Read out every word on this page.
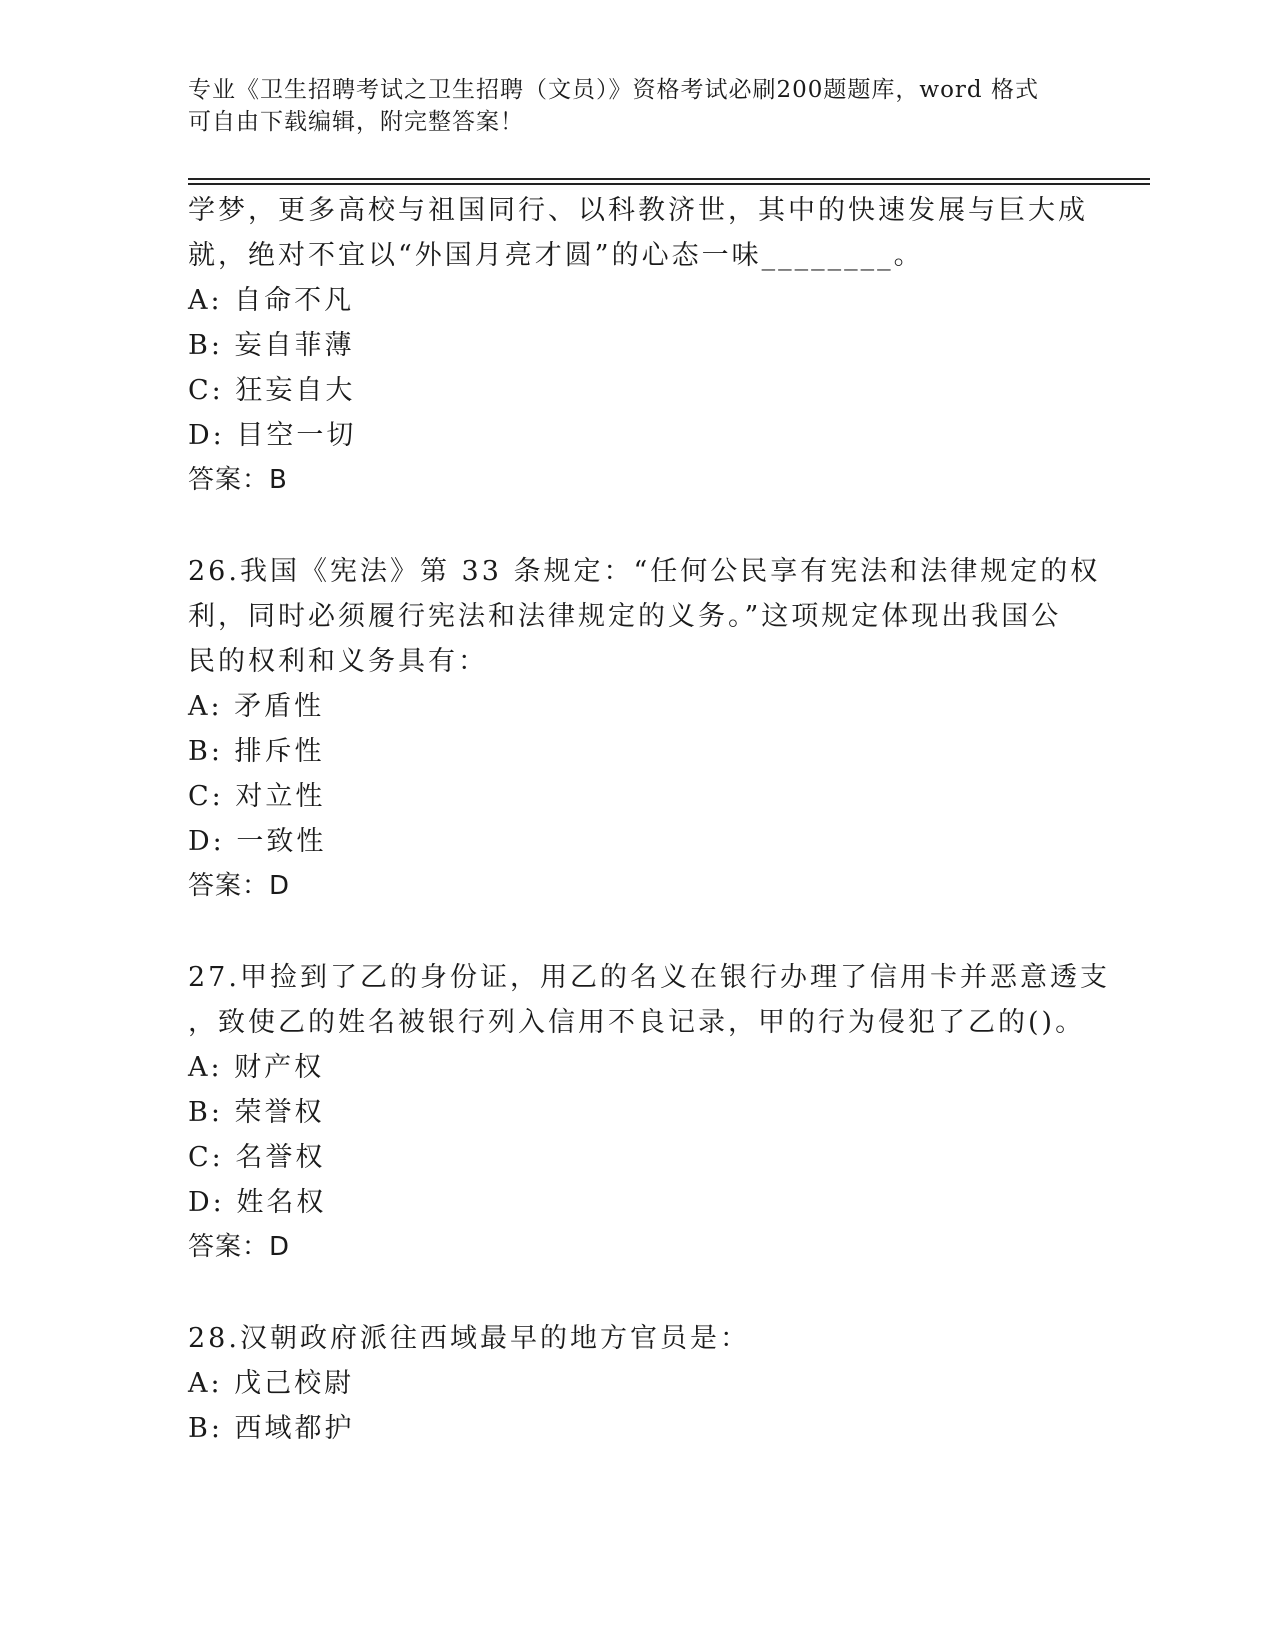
专业《卫生招聘考试之卫生招聘（文员）》资格考试必刷200题题库，word 格式
可自由下载编辑，附完整答案！
学梦，更多高校与祖国同行、以科教济世，其中的快速发展与巨大成
就，绝对不宜以“外国月亮才圆”的心态一味________。
A: 自命不凡
B: 妄自菲薄
C: 狂妄自大
D: 目空一切
答案：B
26.我国《宪法》第 33 条规定：“任何公民享有宪法和法律规定的权
利，同时必须履行宪法和法律规定的义务。”这项规定体现出我国公
民的权利和义务具有：
A: 矛盾性
B: 排斥性
C: 对立性
D: 一致性
答案：D
27.甲捡到了乙的身份证，用乙的名义在银行办理了信用卡并恶意透支
，致使乙的姓名被银行列入信用不良记录，甲的行为侵犯了乙的()。
A: 财产权
B: 荣誉权
C: 名誉权
D: 姓名权
答案：D
28.汉朝政府派往西域最早的地方官员是：
A: 戊己校尉
B: 西域都护
